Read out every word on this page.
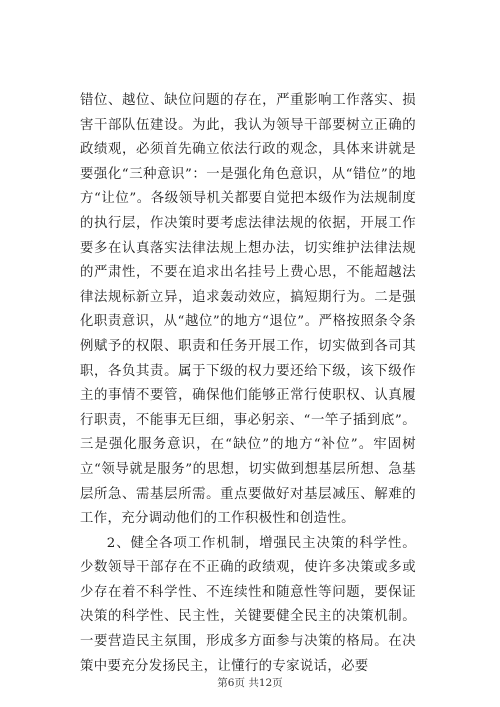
错位、越位、缺位问题的存在，严重影响工作落实、损害干部队伍建设。为此，我认为领导干部要树立正确的政绩观，必须首先确立依法行政的观念，具体来讲就是要强化“三种意识”：一是强化角色意识，从“错位”的地方“让位”。各级领导机关都要自觉把本级作为法规制度的执行层，作决策时要考虑法律法规的依据，开展工作要多在认真落实法律法规上想办法，切实维护法律法规的严肃性，不要在追求出名挂号上费心思，不能超越法律法规标新立异，追求轰动效应，搞短期行为。二是强化职责意识，从“越位”的地方“退位”。严格按照条令条例赋予的权限、职责和任务开展工作，切实做到各司其职，各负其责。属于下级的权力要还给下级，该下级作主的事情不要管，确保他们能够正常行使职权、认真履行职责，不能事无巨细，事必躬亲、“一竿子插到底”。三是强化服务意识，在“缺位”的地方“补位”。牢固树立“领导就是服务”的思想，切实做到想基层所想、急基层所急、需基层所需。重点要做好对基层减压、解难的工作，充分调动他们的工作积极性和创造性。

2、健全各项工作机制，增强民主决策的科学性。少数领导干部存在不正确的政绩观，使许多决策或多或少存在着不科学性、不连续性和随意性等问题，要保证决策的科学性、民主性，关键要健全民主的决策机制。一要营造民主氛围，形成多方面参与决策的格局。在决策中要充分发扬民主，让懂行的专家说话，必要

第6页 共12页
